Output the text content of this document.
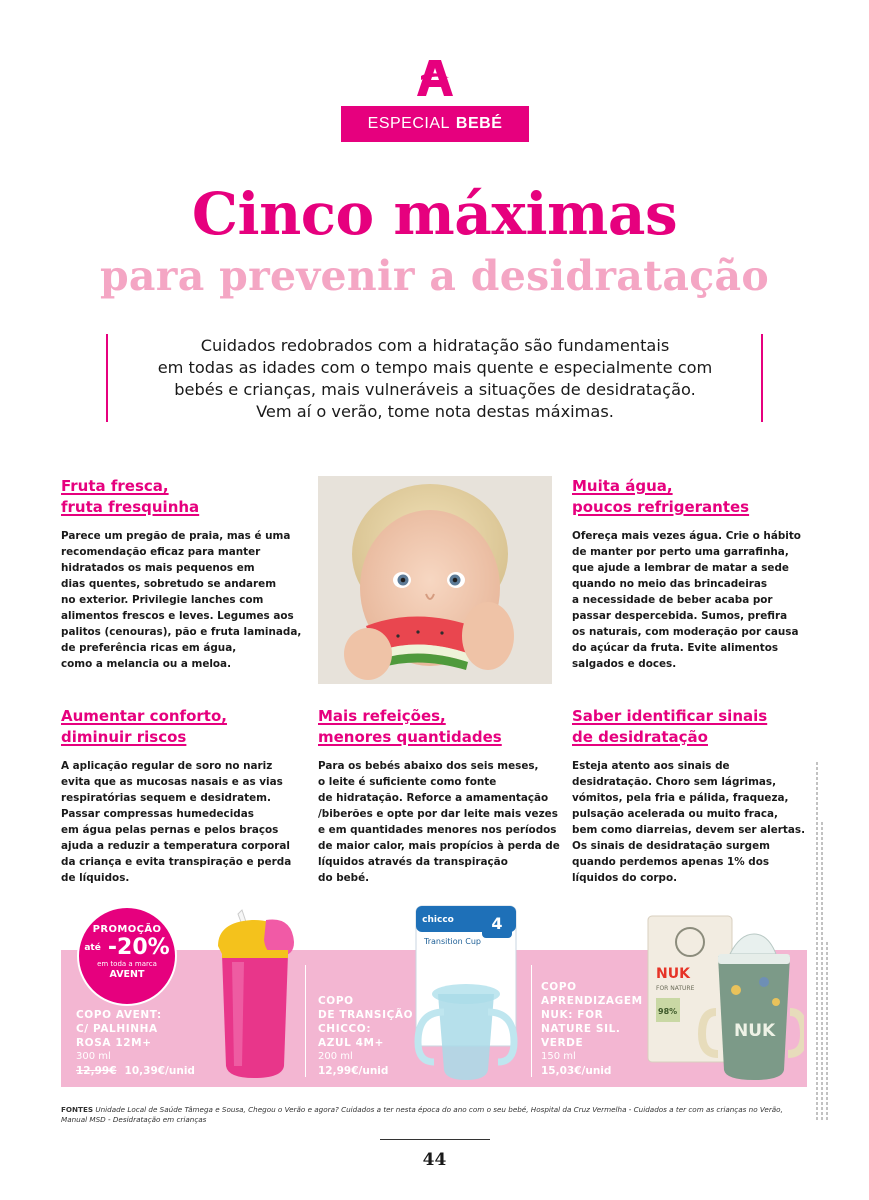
ESPECIAL BEBÉ
Cinco máximas
para prevenir a desidratação
Cuidados redobrados com a hidratação são fundamentais
em todas as idades com o tempo mais quente e especialmente com
bebés e crianças, mais vulneráveis a situações de desidratação.
Vem aí o verão, tome nota destas máximas.
Fruta fresca,
fruta fresquinha

Parece um pregão de praia, mas é uma
recomendação eficaz para manter
hidratados os mais pequenos em
dias quentes, sobretudo se andarem
no exterior. Privilegie lanches com
alimentos frescos e leves. Legumes aos
palitos (cenouras), pão e fruta laminada,
de preferência ricas em água,
como a melancia ou a meloa.

Muita água,
poucos refrigerantes

Ofereça mais vezes água. Crie o hábito
de manter por perto uma garrafinha,
que ajude a lembrar de matar a sede
quando no meio das brincadeiras
a necessidade de beber acaba por
passar despercebida. Sumos, prefira
os naturais, com moderação por causa
do açúcar da fruta. Evite alimentos
salgados e doces.

Aumentar conforto,
diminuir riscos

A aplicação regular de soro no nariz
evita que as mucosas nasais e as vias
respiratórias sequem e desidratem.
Passar compressas humedecidas
em água pelas pernas e pelos braços
ajuda a reduzir a temperatura corporal
da criança e evita transpiração e perda
de líquidos.

Mais refeições,
menores quantidades

Para os bebés abaixo dos seis meses,
o leite é suficiente como fonte
de hidratação. Reforce a amamentação
/biberões e opte por dar leite mais vezes
e em quantidades menores nos períodos
de maior calor, mais propícios à perda de
líquidos através da transpiração
do bebé.

Saber identificar sinais
de desidratação

Esteja atento aos sinais de
desidratação. Choro sem lágrimas,
vómitos, pela fria e pálida, fraqueza,
pulsação acelerada ou muito fraca,
bem como diarreias, devem ser alertas.
Os sinais de desidratação surgem
quando perdemos apenas 1% dos
líquidos do corpo.

4
chicco
Transition Cup
NUK
FOR NATURE
98%
NUK
PROMOÇÃO
até -20%
em toda a marca
AVENT
COPO AVENT:
C/ PALHINHA
ROSA 12M+
300 ml
12,99€ 10,39€/unid
COPO
DE TRANSIÇÃO
CHICCO:
AZUL 4M+
200 ml
12,99€/unid
COPO
APRENDIZAGEM
NUK: FOR
NATURE SIL.
VERDE
150 ml
15,03€/unid
FONTES Unidade Local de Saúde Tâmega e Sousa, Chegou o Verão e agora? Cuidados a ter nesta época do ano com o seu bebé, Hospital da Cruz Vermelha - Cuidados a ter com as crianças no Verão, Manual MSD - Desidratação em crianças
44
